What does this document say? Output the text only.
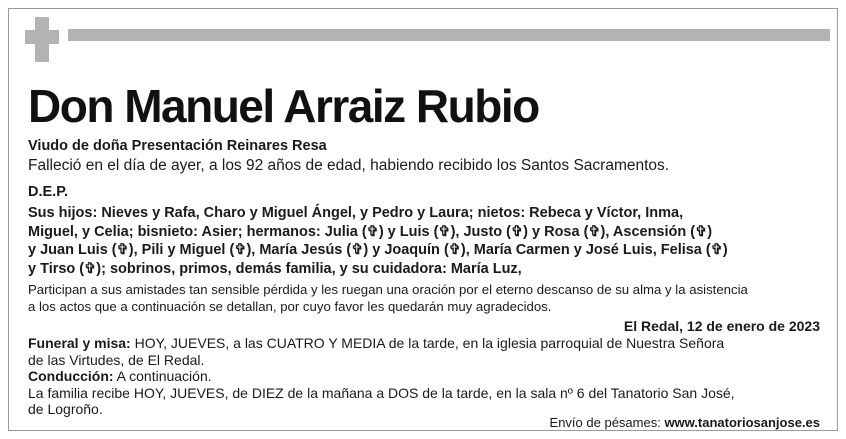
Don Manuel Arraiz Rubio
Viudo de doña Presentación Reinares Resa
Falleció en el día de ayer, a los 92 años de edad, habiendo recibido los Santos Sacramentos.
D.E.P.
Sus hijos: Nieves y Rafa, Charo y Miguel Ángel, y Pedro y Laura; nietos: Rebeca y Víctor, Inma,
Miguel, y Celia; bisnieto: Asier; hermanos: Julia (✞) y Luis (✞), Justo (✞) y Rosa (✞), Ascensión (✞)
y Juan Luis (✞), Pili y Miguel (✞), María Jesús (✞) y Joaquín (✞), María Carmen y José Luis, Felisa (✞)
y Tirso (✞); sobrinos, primos, demás familia, y su cuidadora: María Luz,
Participan a sus amistades tan sensible pérdida y les ruegan una oración por el eterno descanso de su alma y la asistencia
a los actos que a continuación se detallan, por cuyo favor les quedarán muy agradecidos.
El Redal, 12 de enero de 2023
Funeral y misa: HOY, JUEVES, a las CUATRO Y MEDIA de la tarde, en la iglesia parroquial de Nuestra Señora
de las Virtudes, de El Redal.
Conducción: A continuación.
La familia recibe HOY, JUEVES, de DIEZ de la mañana a DOS de la tarde, en la sala nº 6 del Tanatorio San José,
de Logroño.
Envío de pésames: www.tanatoriosanjose.es
